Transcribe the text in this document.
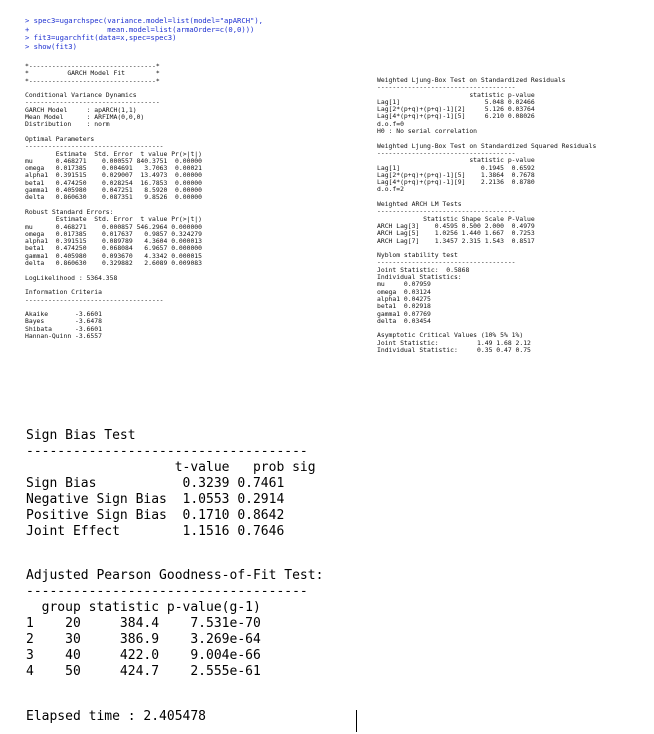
> spec3=ugarchspec(variance.model=list(model="apARCH"),
+                  mean.model=list(armaOrder=c(0,0)))
> fit3=ugarchfit(data=x,spec=spec3)
> show(fit3)
*---------------------------------*
*          GARCH Model Fit        *
*---------------------------------*

Conditional Variance Dynamics
-----------------------------------
GARCH Model     : apARCH(1,1)
Mean Model      : ARFIMA(0,0,0)
Distribution    : norm

Optimal Parameters
------------------------------------
Estimate  Std. Error  t value Pr(>|t|)
mu      0.468271    0.000557 840.3751  0.00000
omega   0.017385    0.004691   3.7063  0.00021
alpha1  0.391515    0.029007  13.4973  0.00000
beta1   0.474250    0.028254  16.7853  0.00000
gamma1  0.405980    0.047251   8.5920  0.00000
delta   0.860630    0.087351   9.8526  0.00000

Robust Standard Errors:
Estimate  Std. Error  t value Pr(>|t|)
mu      0.468271    0.000857 546.2964 0.000000
omega   0.017385    0.017637   0.9857 0.324279
alpha1  0.391515    0.089789   4.3604 0.000013
beta1   0.474250    0.068084   6.9657 0.000000
gamma1  0.405980    0.093670   4.3342 0.000015
delta   0.860630    0.329882   2.6089 0.009083

LogLikelihood : 5364.358

Information Criteria
------------------------------------

Akaike       -3.6601
Bayes        -3.6478
Shibata      -3.6601
Hannan-Quinn -3.6557
Weighted Ljung-Box Test on Standardized Residuals
------------------------------------
statistic p-value
Lag[1]                      5.048 0.02466
Lag[2*(p+q)+(p+q)-1][2]     5.126 0.03764
Lag[4*(p+q)+(p+q)-1][5]     6.210 0.08026
d.o.f=0
H0 : No serial correlation

Weighted Ljung-Box Test on Standardized Squared Residuals
------------------------------------
statistic p-value
Lag[1]                     0.1945  0.6592
Lag[2*(p+q)+(p+q)-1][5]    1.3864  0.7678
Lag[4*(p+q)+(p+q)-1][9]    2.2136  0.8780
d.o.f=2

Weighted ARCH LM Tests
------------------------------------
Statistic Shape Scale P-Value
ARCH Lag[3]    0.4595 0.500 2.000  0.4979
ARCH Lag[5]    1.0256 1.440 1.667  0.7253
ARCH Lag[7]    1.3457 2.315 1.543  0.8517

Nyblom stability test
------------------------------------
Joint Statistic:  0.5868
Individual Statistics:
mu     0.07959
omega  0.03124
alpha1 0.04275
beta1  0.02918
gamma1 0.07769
delta  0.03454

Asymptotic Critical Values (10% 5% 1%)
Joint Statistic:          1.49 1.68 2.12
Individual Statistic:     0.35 0.47 0.75
Sign Bias Test
------------------------------------
t-value   prob sig
Sign Bias           0.3239 0.7461
Negative Sign Bias  1.0553 0.2914
Positive Sign Bias  0.1710 0.8642
Joint Effect        1.1516 0.7646
Adjusted Pearson Goodness-of-Fit Test:
------------------------------------
group statistic p-value(g-1)
1    20     384.4    7.531e-70
2    30     386.9    3.269e-64
3    40     422.0    9.004e-66
4    50     424.7    2.555e-61
Elapsed time : 2.405478
